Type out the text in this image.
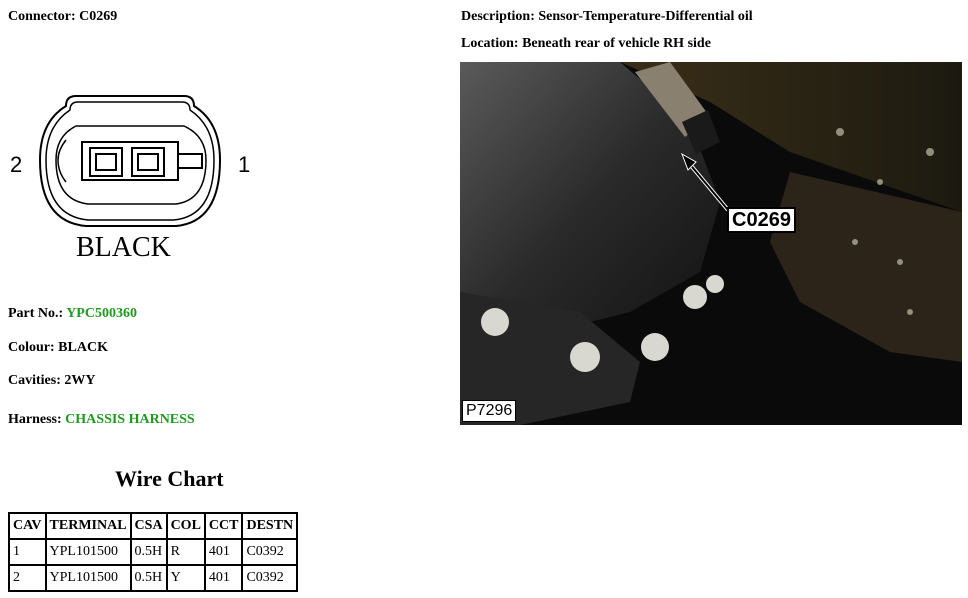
Connector: C0269	Description: Sensor-Temperature-Differential oil
Location: Beneath rear of vehicle RH side
2	1
BLACK
Part No.: YPC500360
Colour: BLACK
Cavities: 2WY
Harness: CHASSIS HARNESS
Wire Chart
CAV	TERMINAL	CSA	COL	CCT	DESTN
1	YPL101500	0.5H	R	401	C0392
2	YPL101500	0.5H	Y	401	C0392
C0269
P7296
